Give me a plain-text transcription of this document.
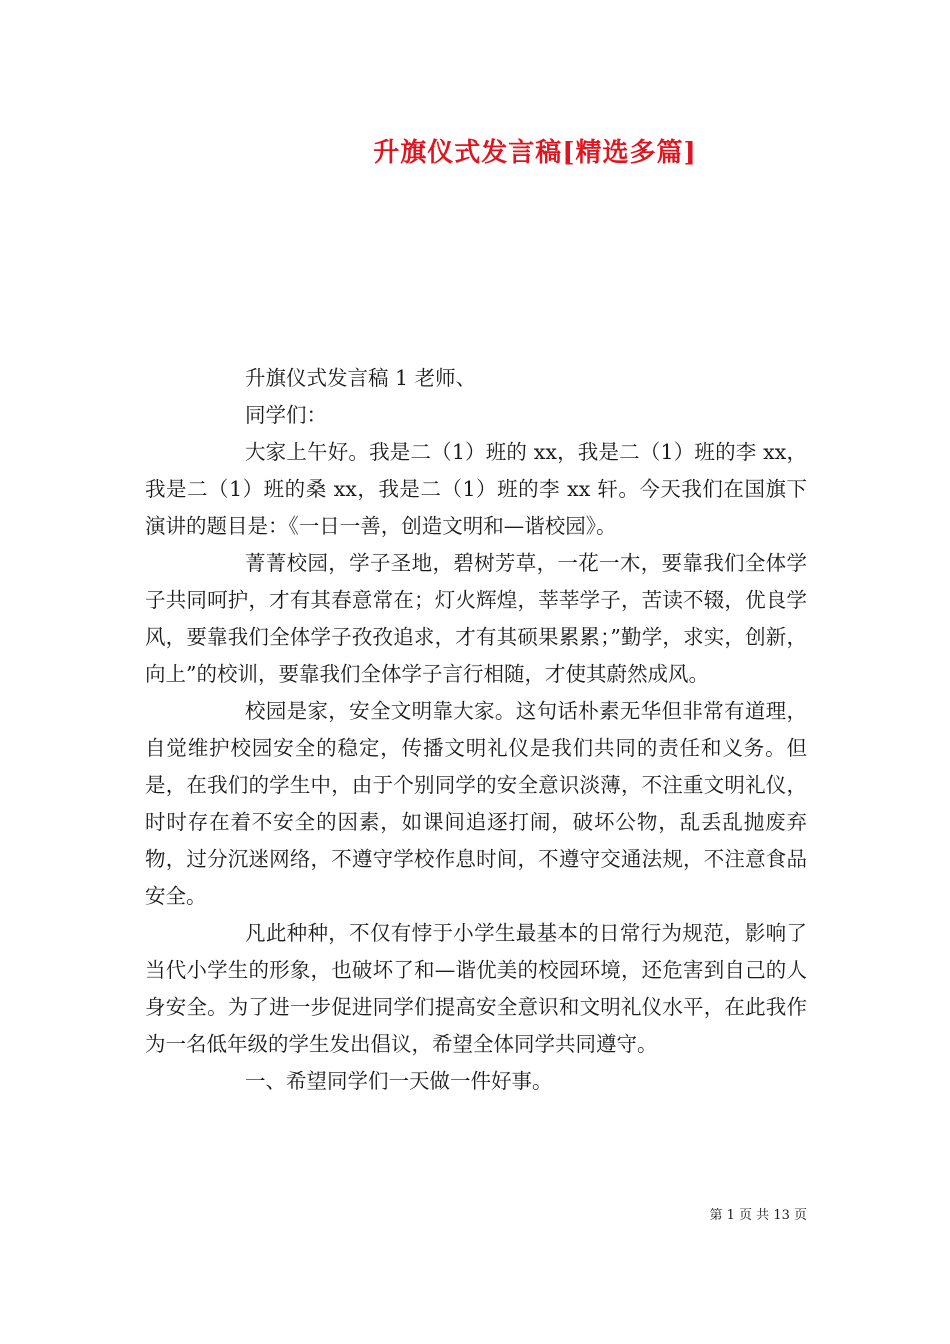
升旗仪式发言稿[精选多篇]

升旗仪式发言稿 1 老师、

同学们：

大家上午好。我是二（1）班的 xx，我是二（1）班的李 xx，我是二（1）班的桑 xx，我是二（1）班的李 xx 轩。今天我们在国旗下演讲的题目是：《一日一善，创造文明和—谐校园》。

菁菁校园，学子圣地，碧树芳草，一花一木，要靠我们全体学子共同呵护，才有其春意常在；灯火辉煌，莘莘学子，苦读不辍，优良学风，要靠我们全体学子孜孜追求，才有其硕果累累；”勤学，求实，创新，向上”的校训，要靠我们全体学子言行相随，才使其蔚然成风。

校园是家，安全文明靠大家。这句话朴素无华但非常有道理，自觉维护校园安全的稳定，传播文明礼仪是我们共同的责任和义务。但是，在我们的学生中，由于个别同学的安全意识淡薄，不注重文明礼仪，时时存在着不安全的因素，如课间追逐打闹，破坏公物，乱丢乱抛废弃物，过分沉迷网络，不遵守学校作息时间，不遵守交通法规，不注意食品安全。

凡此种种，不仅有悖于小学生最基本的日常行为规范，影响了当代小学生的形象，也破坏了和—谐优美的校园环境，还危害到自己的人身安全。为了进一步促进同学们提高安全意识和文明礼仪水平，在此我作为一名低年级的学生发出倡议，希望全体同学共同遵守。

一、希望同学们一天做一件好事。

第 1 页 共 13 页
